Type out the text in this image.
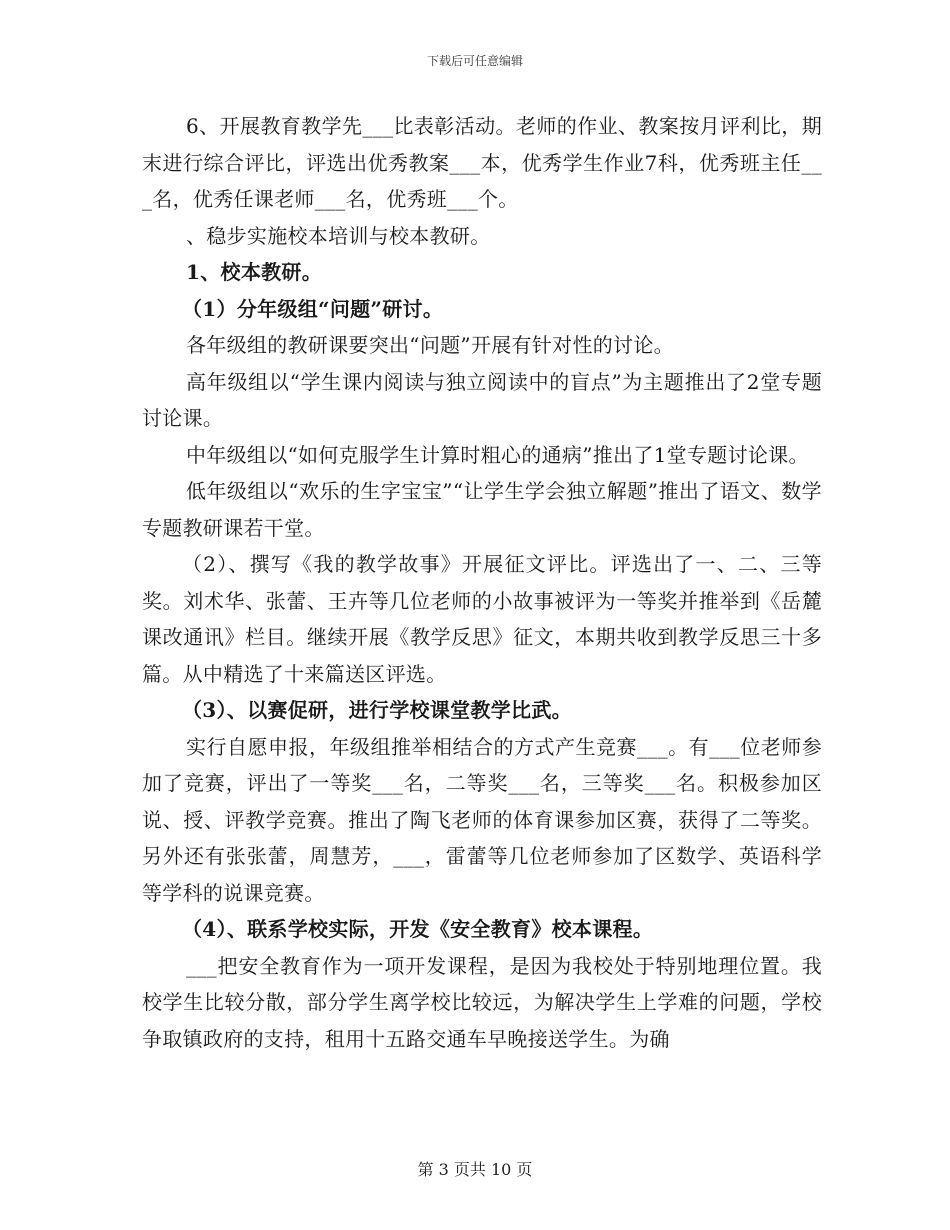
下载后可任意编辑

6、开展教育教学先___比表彰活动。老师的作业、教案按月评利比，期末进行综合评比，评选出优秀教案___本，优秀学生作业7科，优秀班主任___名，优秀任课老师___名，优秀班___个。

、稳步实施校本培训与校本教研。

1、校本教研。

（1）分年级组“问题”研讨。

各年级组的教研课要突出“问题”开展有针对性的讨论。

高年级组以“学生课内阅读与独立阅读中的盲点”为主题推出了2堂专题讨论课。

中年级组以“如何克服学生计算时粗心的通病”推出了1堂专题讨论课。

低年级组以“欢乐的生字宝宝”“让学生学会独立解题”推出了语文、数学专题教研课若干堂。

（2）、撰写《我的教学故事》开展征文评比。评选出了一、二、三等奖。刘术华、张蕾、王卉等几位老师的小故事被评为一等奖并推举到《岳麓课改通讯》栏目。继续开展《教学反思》征文，本期共收到教学反思三十多篇。从中精选了十来篇送区评选。

（3）、以赛促研，进行学校课堂教学比武。

实行自愿申报，年级组推举相结合的方式产生竞赛___。有___位老师参加了竞赛，评出了一等奖___名，二等奖___名，三等奖___名。积极参加区说、授、评教学竞赛。推出了陶飞老师的体育课参加区赛，获得了二等奖。另外还有张张蕾，周慧芳，___，雷蕾等几位老师参加了区数学、英语科学等学科的说课竞赛。

（4）、联系学校实际，开发《安全教育》校本课程。

___把安全教育作为一项开发课程，是因为我校处于特别地理位置。我校学生比较分散，部分学生离学校比较远，为解决学生上学难的问题，学校争取镇政府的支持，租用十五路交通车早晚接送学生。为确

第 3 页共 10 页
